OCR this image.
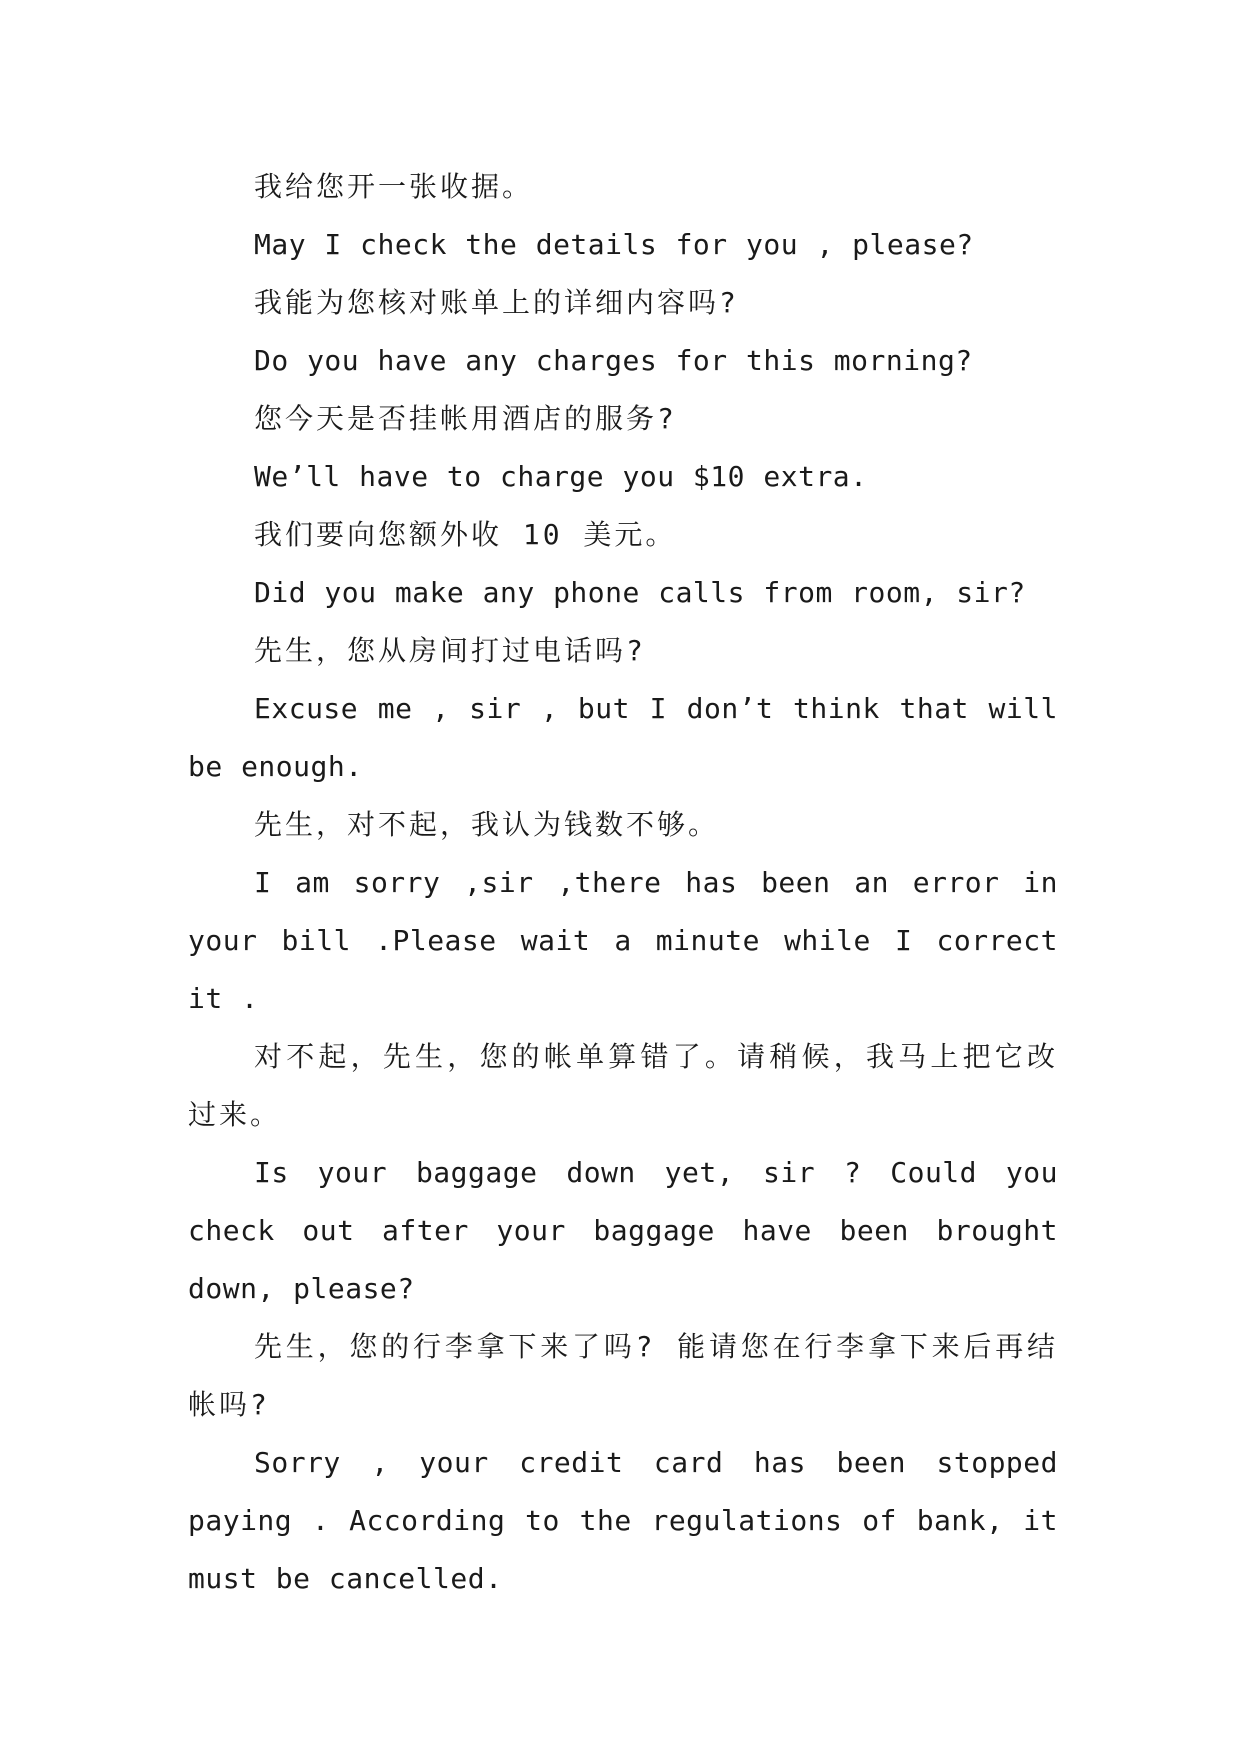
我给您开一张收据。

May I check the details for you , please?

我能为您核对账单上的详细内容吗?

Do you have any charges for this morning?

您今天是否挂帐用酒店的服务?

We’ll have to charge you $10 extra.

我们要向您额外收 10 美元。

Did you make any phone calls from room, sir?

先生，您从房间打过电话吗?

Excuse me , sir , but I don’t think that will be enough.

先生，对不起，我认为钱数不够。

I am sorry ,sir ,there has been an error in your bill .Please wait a minute while I correct it .

对不起，先生，您的帐单算错了。请稍候，我马上把它改过来。

Is your baggage down yet, sir ? Could you check out after your baggage have been brought down, please?

先生，您的行李拿下来了吗? 能请您在行李拿下来后再结帐吗?

Sorry , your credit card has been stopped paying . According to the regulations of bank, it must be cancelled.
